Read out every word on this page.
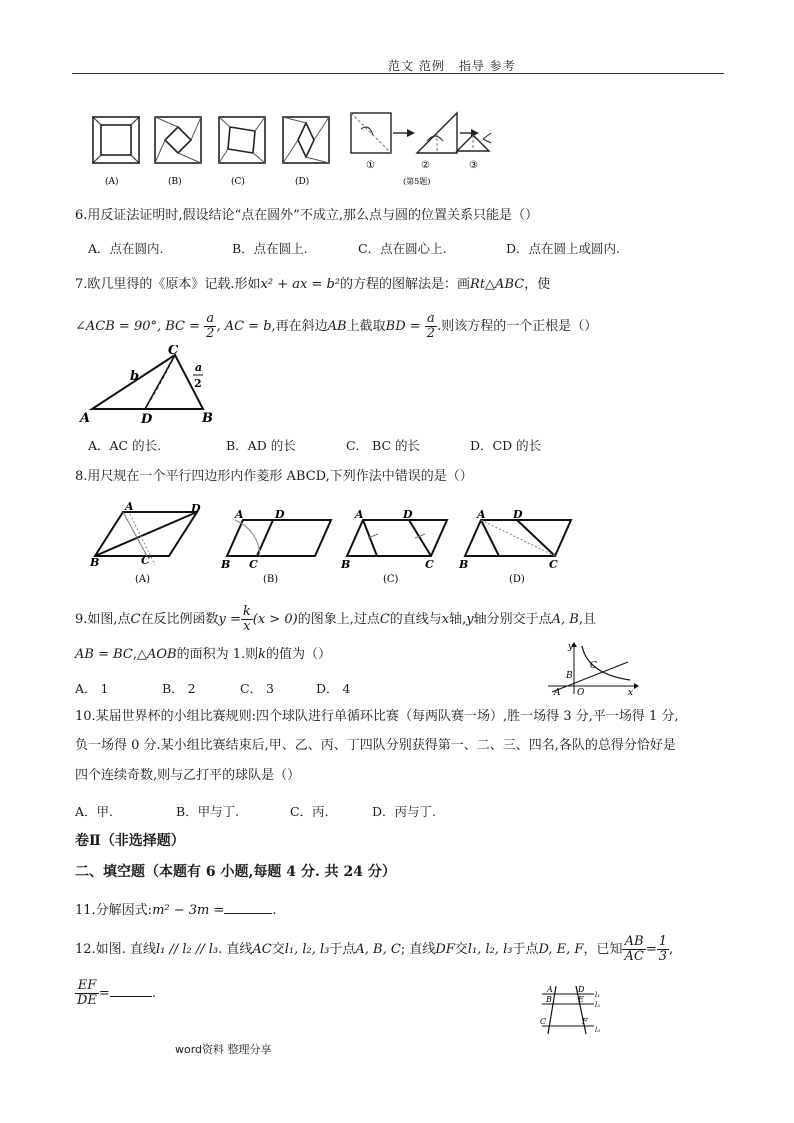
范文 范例 指导 参考
(A)	(B)	(C)	(D)
①	②	③
(第5题)
6.用反证法证明时,假设结论“点在圆外”不成立,那么点与圆的位置关系只能是（）
A．点在圆内.	B．点在圆上.	C．点在圆心上.	D．点在圆上或圆内.
7.欧几里得的《原本》记载.形如x² + ax = b²的方程的图解法是：画Rt△ABC，使
∠ACB = 90°, BC = $\frac{a}{2}$ , AC = b,再在斜边AB上截取BD = $\frac{a}{2}$ .则该方程的一个正根是（）
A	B
C
D
b
a
2
A．AC 的长.	B．AD 的长	C． BC 的长	D．CD 的长
8.用尺规在一个平行四边形内作菱形 ABCD,下列作法中错误的是（）
A	D
B	C
A	D
B C
A	D
B	C
A D
B	C
(A)	(B)	(C)	(D)
9.如图,点C在反比例函数$y = \frac{k}{x} (x > 0)$的图象上,过点C的直线与x轴,y轴分别交于点A, B,且
AB = BC,△AOB的面积为 1.则k的值为（）
A． 1	B． 2	C． 3	D． 4
y
x
O
A
B
C
10.某届世界杯的小组比赛规则:四个球队进行单循环比赛（每两队赛一场）,胜一场得 3 分,平一场得 1 分,
负一场得 0 分.某小组比赛结束后,甲、乙、丙、丁四队分别获得第一、二、三、四名,各队的总得分恰好是
四个连续奇数,则与乙打平的球队是（）
A．甲.	B．甲与丁.	C．丙.	D．丙与丁.
卷Ⅱ（非选择题）
二、填空题（本题有 6 小题,每题 4 分. 共 24 分）
11.分解因式:m² − 3m =	.
12.如图. 直线l₁ // l₂ // l₃. 直线AC交l₁, l₂, l₃于点A, B, C; 直线DF交l₁, l₂, l₃于点D, E, F，已知 $\frac{AB}{AC} = \frac{1}{3}$ ,
$\frac{EF}{DE}$ =	.	A
B
C
D
E
F
l₁
l₂
l₃
word资料 整理分享
